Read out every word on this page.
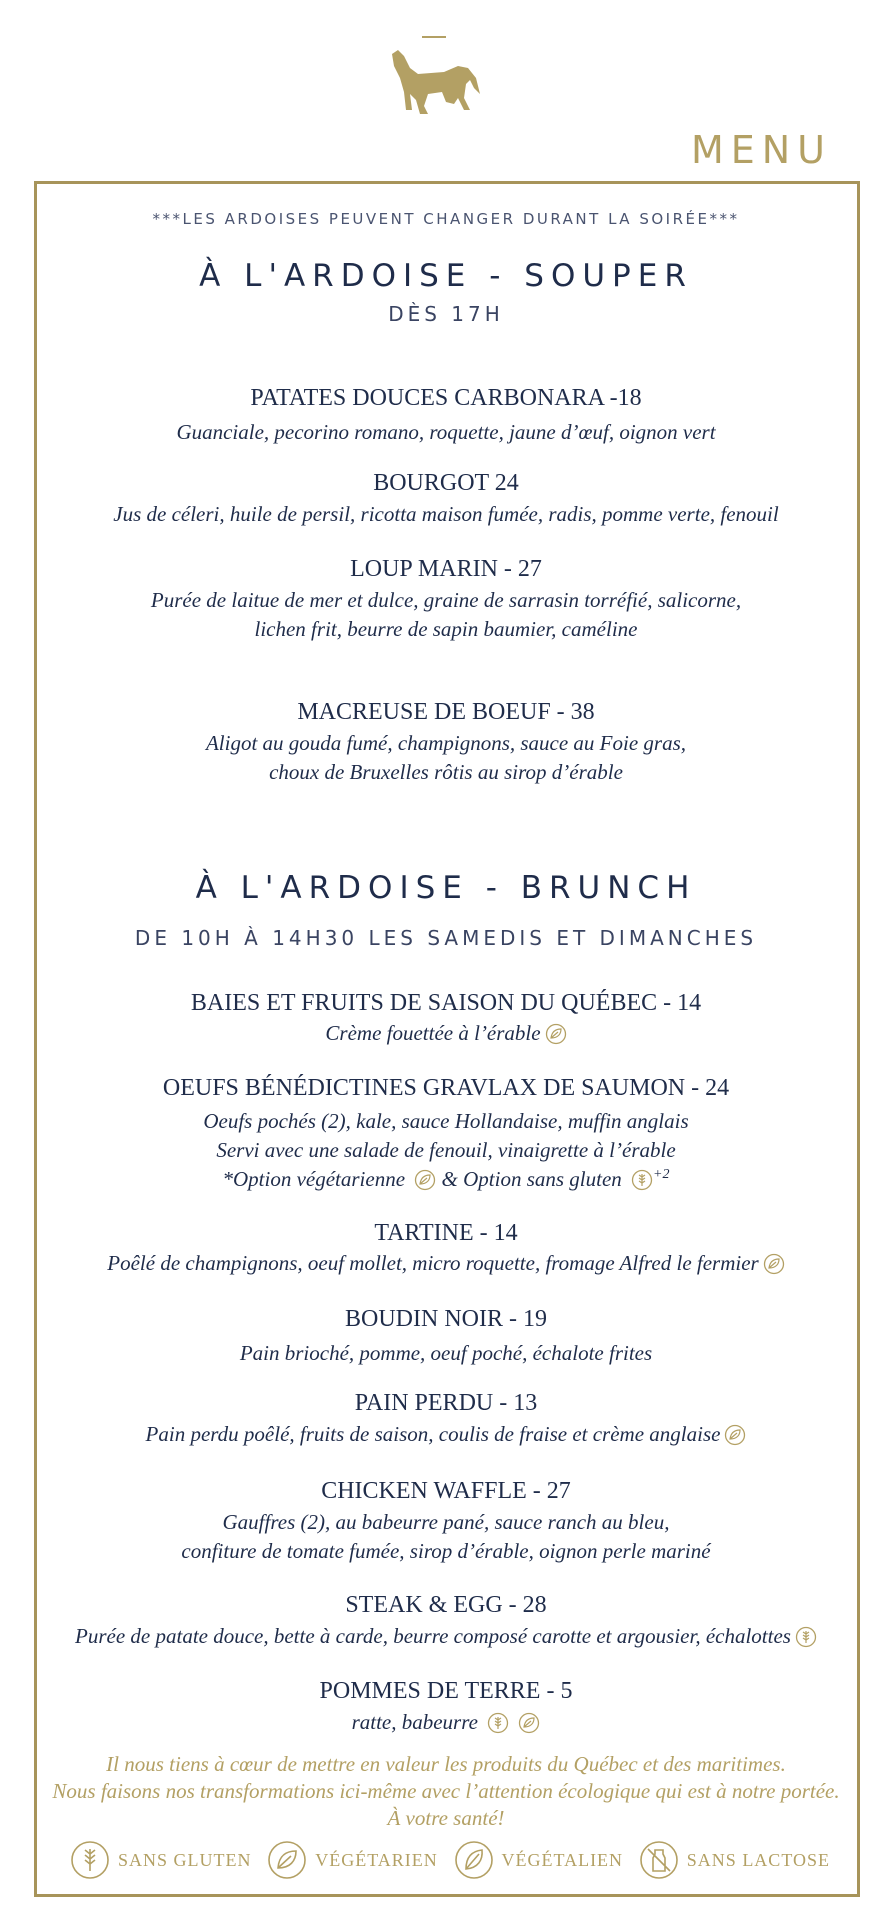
MENU
***LES ARDOISES PEUVENT CHANGER DURANT LA SOIRÉE***
À L'ARDOISE - SOUPER
DÈS 17H
PATATES DOUCES CARBONARA -18
Guanciale, pecorino romano, roquette, jaune d’œuf, oignon vert
BOURGOT 24
Jus de céleri, huile de persil, ricotta maison fumée, radis, pomme verte, fenouil
LOUP MARIN - 27
Purée de laitue de mer et dulce, graine de sarrasin torréfié, salicorne,
lichen frit, beurre de sapin baumier, caméline
MACREUSE DE BOEUF - 38
Aligot au gouda fumé, champignons, sauce au Foie gras,
choux de Bruxelles rôtis au sirop d’érable
À L'ARDOISE - BRUNCH
DE 10H À 14H30 LES SAMEDIS ET DIMANCHES
BAIES ET FRUITS DE SAISON DU QUÉBEC - 14
Crème fouettée à l’érable
OEUFS BÉNÉDICTINES GRAVLAX DE SAUMON - 24
Oeufs pochés (2), kale, sauce Hollandaise, muffin anglais
Servi avec une salade de fenouil, vinaigrette à l’érable
*Option végétarienne & Option sans gluten $^{+2}$
TARTINE - 14
Poêlé de champignons, oeuf mollet, micro roquette, fromage Alfred le fermier
BOUDIN NOIR - 19
Pain brioché, pomme, oeuf poché, échalote frites
PAIN PERDU - 13
Pain perdu poêlé, fruits de saison, coulis de fraise et crème anglaise
CHICKEN WAFFLE - 27
Gauffres (2), au babeurre pané, sauce ranch au bleu,
confiture de tomate fumée, sirop d’érable, oignon perle mariné
STEAK & EGG - 28
Purée de patate douce, bette à carde, beurre composé carotte et argousier, échalottes
POMMES DE TERRE - 5
ratte, babeurre
Il nous tiens à cœur de mettre en valeur les produits du Québec et des maritimes.
Nous faisons nos transformations ici-même avec l’attention écologique qui est à notre portée.
À votre santé!
SANS GLUTEN	VÉGÉTARIEN	VÉGÉTALIEN	SANS LACTOSE
